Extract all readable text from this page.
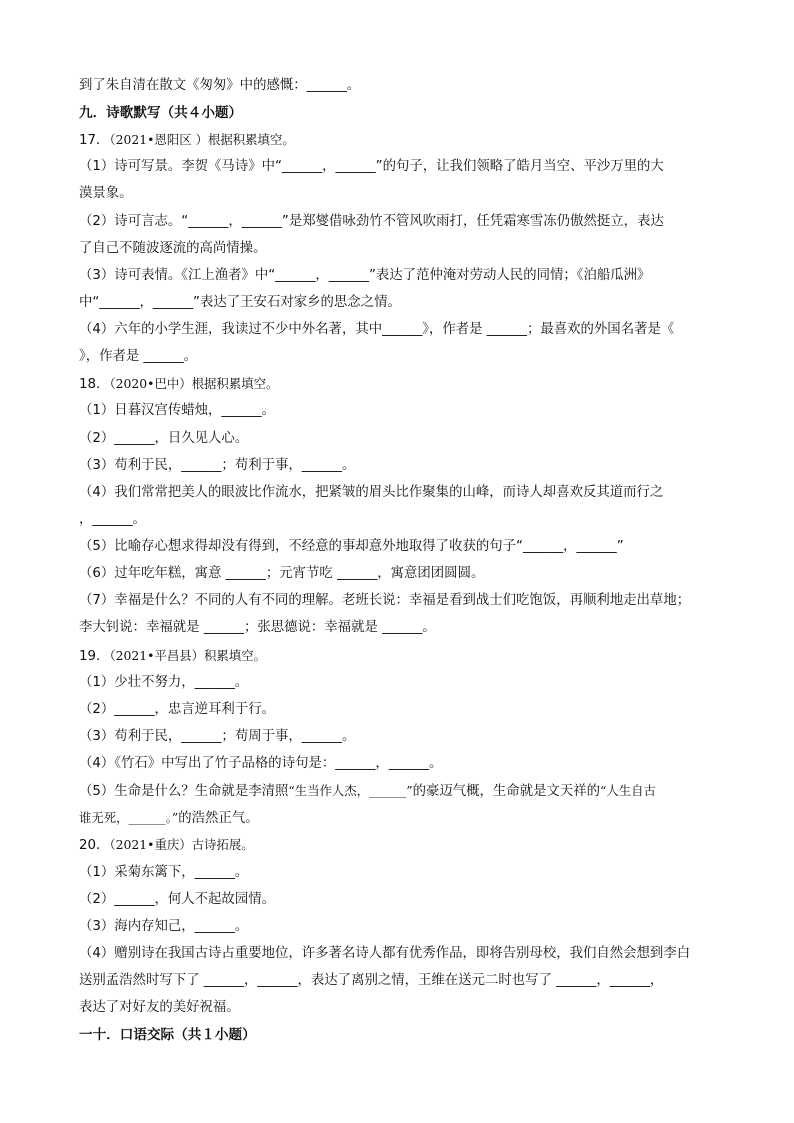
到了朱自清在散文《匆匆》中的感慨：______。
九．诗歌默写（共４小题）
17．（2021•恩阳区 ）根据积累填空。
（1）诗可写景。李贺《马诗》中“______，______”的句子，让我们领略了皓月当空、平沙万里的大
漠景象。
（2）诗可言志。“______，______”是郑燮借咏劲竹不管风吹雨打，任凭霜寒雪冻仍傲然挺立，表达
了自己不随波逐流的高尚情操。
（3）诗可表情。《江上渔者》中“______，______”表达了范仲淹对劳动人民的同情；《泊船瓜洲》
中“______，______”表达了王安石对家乡的思念之情。
（4）六年的小学生涯，我读过不少中外名著，其中______》，作者是 ______；最喜欢的外国名著是《
》，作者是 ______。
18．（2020•巴中）根据积累填空。
（1）日暮汉宫传蜡烛，______。
（2）______，日久见人心。
（3）苟利于民，______；苟利于事，______。
（4）我们常常把美人的眼波比作流水，把紧皱的眉头比作聚集的山峰，而诗人却喜欢反其道而行之
，______。
（5）比喻存心想求得却没有得到，不经意的事却意外地取得了收获的句子“______，______”
（6）过年吃年糕，寓意 ______；元宵节吃 ______，寓意团团圆圆。
（7）幸福是什么？不同的人有不同的理解。老班长说：幸福是看到战士们吃饱饭，再顺利地走出草地；
李大钊说：幸福就是 ______；张思德说：幸福就是 ______。
19．（2021•平昌县）积累填空。
（1）少壮不努力，______。
（2）______，忠言逆耳利于行。
（3）苟利于民，______；苟周于事，______。
（4）《竹石》中写出了竹子品格的诗句是：______，______。
（5）生命是什么？生命就是李清照“生当作人杰，______”的豪迈气概，生命就是文天祥的“人生自古
谁无死，______。”的浩然正气。
20．（2021•重庆）古诗拓展。
（1）采菊东篱下，______。
（2）______，何人不起故园情。
（3）海内存知己，______。
（4）赠别诗在我国古诗占重要地位，许多著名诗人都有优秀作品，即将告别母校，我们自然会想到李白
送别孟浩然时写下了 ______，______，表达了离别之情，王维在送元二时也写了 ______，______，
表达了对好友的美好祝福。
一十．口语交际（共１小题）
